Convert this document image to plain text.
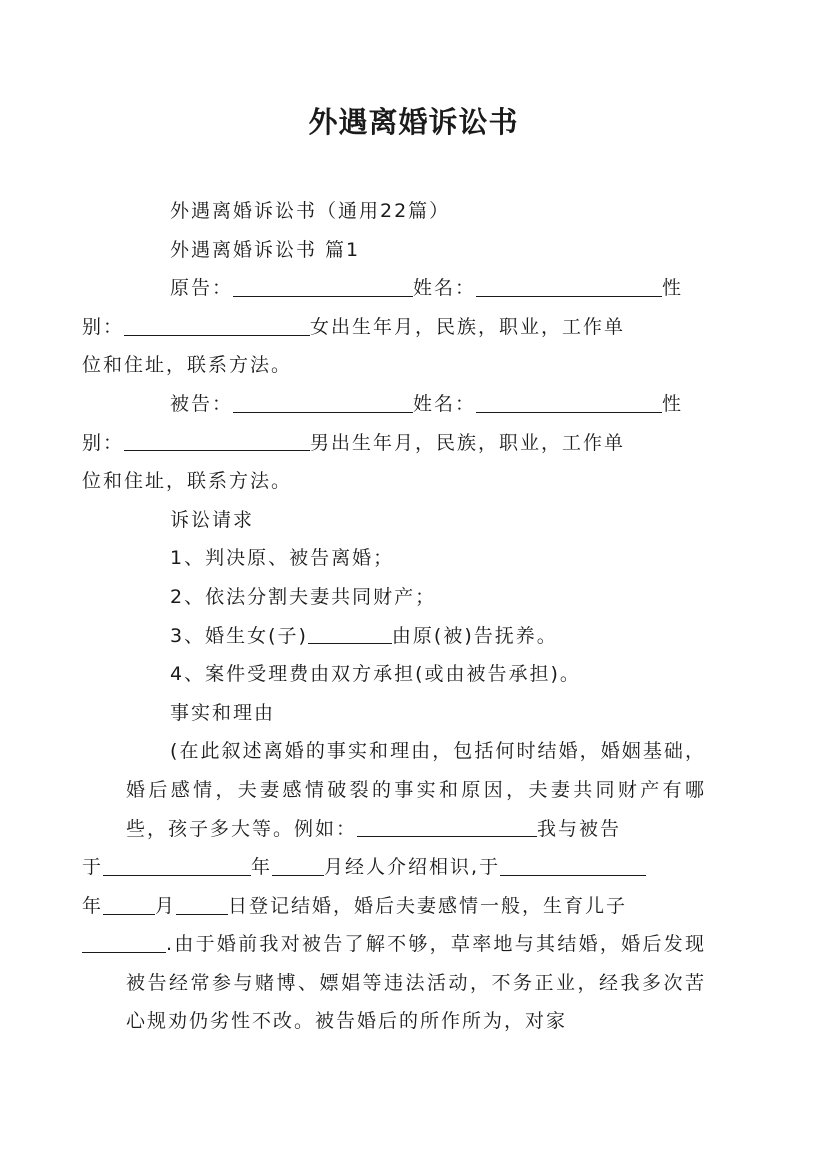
外遇离婚诉讼书

外遇离婚诉讼书（通用22篇）

外遇离婚诉讼书 篇1

原告：	姓名：	性
别：	女出生年月，民族，职业，工作单
位和住址，联系方法。

被告：	姓名：	性
别：	男出生年月，民族，职业，工作单
位和住址，联系方法。

诉讼请求

1、判决原、被告离婚；

2、依法分割夫妻共同财产；

3、婚生女(子)	由原(被)告抚养。

4、案件受理费由双方承担(或由被告承担)。

事实和理由

(在此叙述离婚的事实和理由，包括何时结婚，婚姻基础，婚后感情，夫妻感情破裂的事实和原因，夫妻共同财产有哪些，孩子多大等。例如：	我与被告
于	年	月经人介绍相识,于
年	月	日登记结婚，婚后夫妻感情一般，生育儿子
.由于婚前我对被告了解不够，草率地与其结婚，婚后发现被告经常参与赌博、嫖娼等违法活动，不务正业，经我多次苦心规劝仍劣性不改。被告婚后的所作所为，对家
